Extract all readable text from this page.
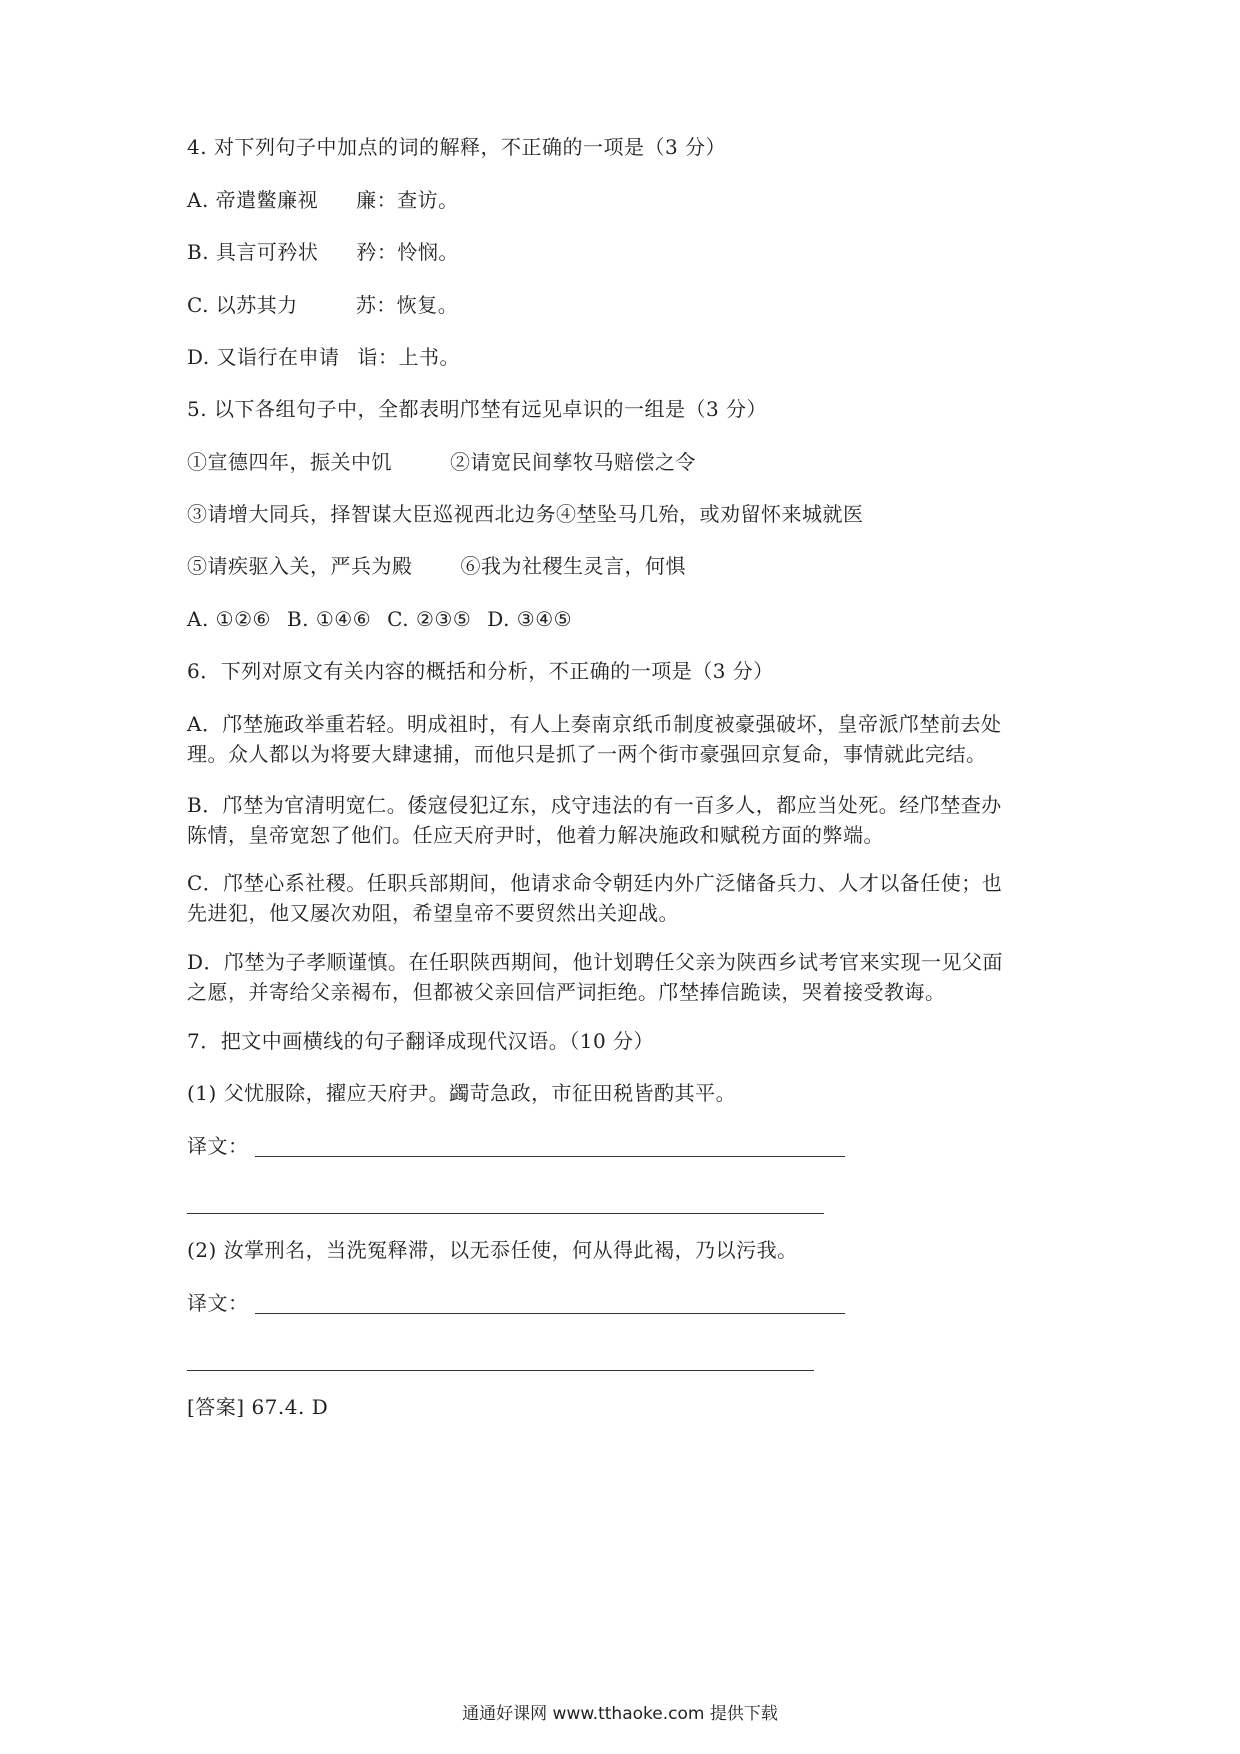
4. 对下列句子中加点的词的解释，不正确的一项是（3 分）
A. 帝遣鳖廉视 廉：查访。
B. 具言可矜状 矜：怜悯。
C. 以苏其力	苏：恢复。
D. 又诣行在申请 诣：上书。
5. 以下各组句子中，全都表明邝埜有远见卓识的一组是（3 分）
①宣德四年，振关中饥	②请宽民间孳牧马赔偿之令
③请增大同兵，择智谋大臣巡视西北边务④埜坠马几殆，或劝留怀来城就医
⑤请疾驱入关，严兵为殿 ⑥我为社稷生灵言，何惧
A. ①②⑥ B. ①④⑥ C. ②③⑤ D. ③④⑤
6．下列对原文有关内容的概括和分析，不正确的一项是（3 分）
A．邝埜施政举重若轻。明成祖时，有人上奏南京纸币制度被豪强破坏，皇帝派邝埜前去处
理。众人都以为将要大肆逮捕，而他只是抓了一两个街市豪强回京复命，事情就此完结。
B．邝埜为官清明宽仁。倭寇侵犯辽东，戍守违法的有一百多人，都应当处死。经邝埜查办
陈情，皇帝宽恕了他们。任应天府尹时，他着力解决施政和赋税方面的弊端。
C．邝埜心系社稷。任职兵部期间，他请求命令朝廷内外广泛储备兵力、人才以备任使；也
先进犯，他又屡次劝阻，希望皇帝不要贸然出关迎战。
D．邝埜为子孝顺谨慎。在任职陕西期间，他计划聘任父亲为陕西乡试考官来实现一见父面
之愿，并寄给父亲褐布，但都被父亲回信严词拒绝。邝埜捧信跪读，哭着接受教诲。
7．把文中画横线的句子翻译成现代汉语。（10 分）
(1) 父忧服除，擢应天府尹。蠲苛急政，市征田税皆酌其平。
译文：
(2) 汝掌刑名，当洗冤释滞，以无忝任使，何从得此褐，乃以污我。
译文：
[答案] 67.4. D
通通好课网 www.tthaoke.com 提供下载
